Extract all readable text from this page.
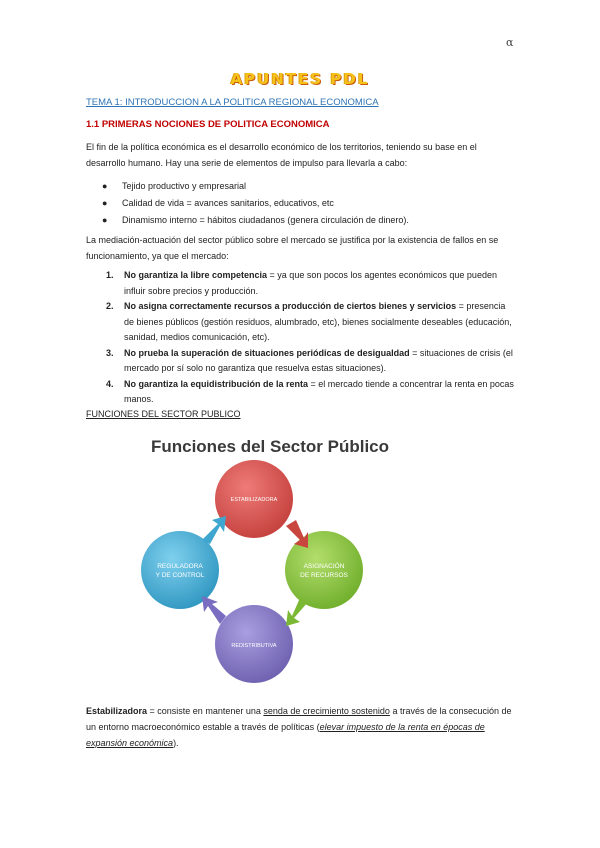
α
APUNTES PDL
TEMA 1: INTRODUCCION A LA POLITICA REGIONAL ECONOMICA
1.1 PRIMERAS NOCIONES DE POLITICA ECONOMICA
El fin de la política económica es el desarrollo económico de los territorios, teniendo su base en el desarrollo humano. Hay una serie de elementos de impulso para llevarla a cabo:
● Tejido productivo y empresarial
● Calidad de vida = avances sanitarios, educativos, etc
● Dinamismo interno = hábitos ciudadanos (genera circulación de dinero).
La mediación-actuación del sector público sobre el mercado se justifica por la existencia de fallos en se funcionamiento, ya que el mercado:
1. No garantiza la libre competencia = ya que son pocos los agentes económicos que pueden influir sobre precios y producción.
2. No asigna correctamente recursos a producción de ciertos bienes y servicios = presencia de bienes públicos (gestión residuos, alumbrado, etc), bienes socialmente deseables (educación, sanidad, medios comunicación, etc).
3. No prueba la superación de situaciones periódicas de desigualdad = situaciones de crisis (el mercado por sí solo no garantiza que resuelva estas situaciones).
4. No garantiza la equidistribución de la renta = el mercado tiende a concentrar la renta en pocas manos.
FUNCIONES DEL SECTOR PUBLICO
Funciones del Sector Público
ESTABILIZADORA
ASIGNACIÓN
DE RECURSOS
REDISTRIBUTIVA
REGULADORA
Y DE CONTROL
Estabilizadora = consiste en mantener una senda de crecimiento sostenido a través de la consecución de un entorno macroeconómico estable a través de políticas (elevar impuesto de la renta en épocas de expansión económica).
